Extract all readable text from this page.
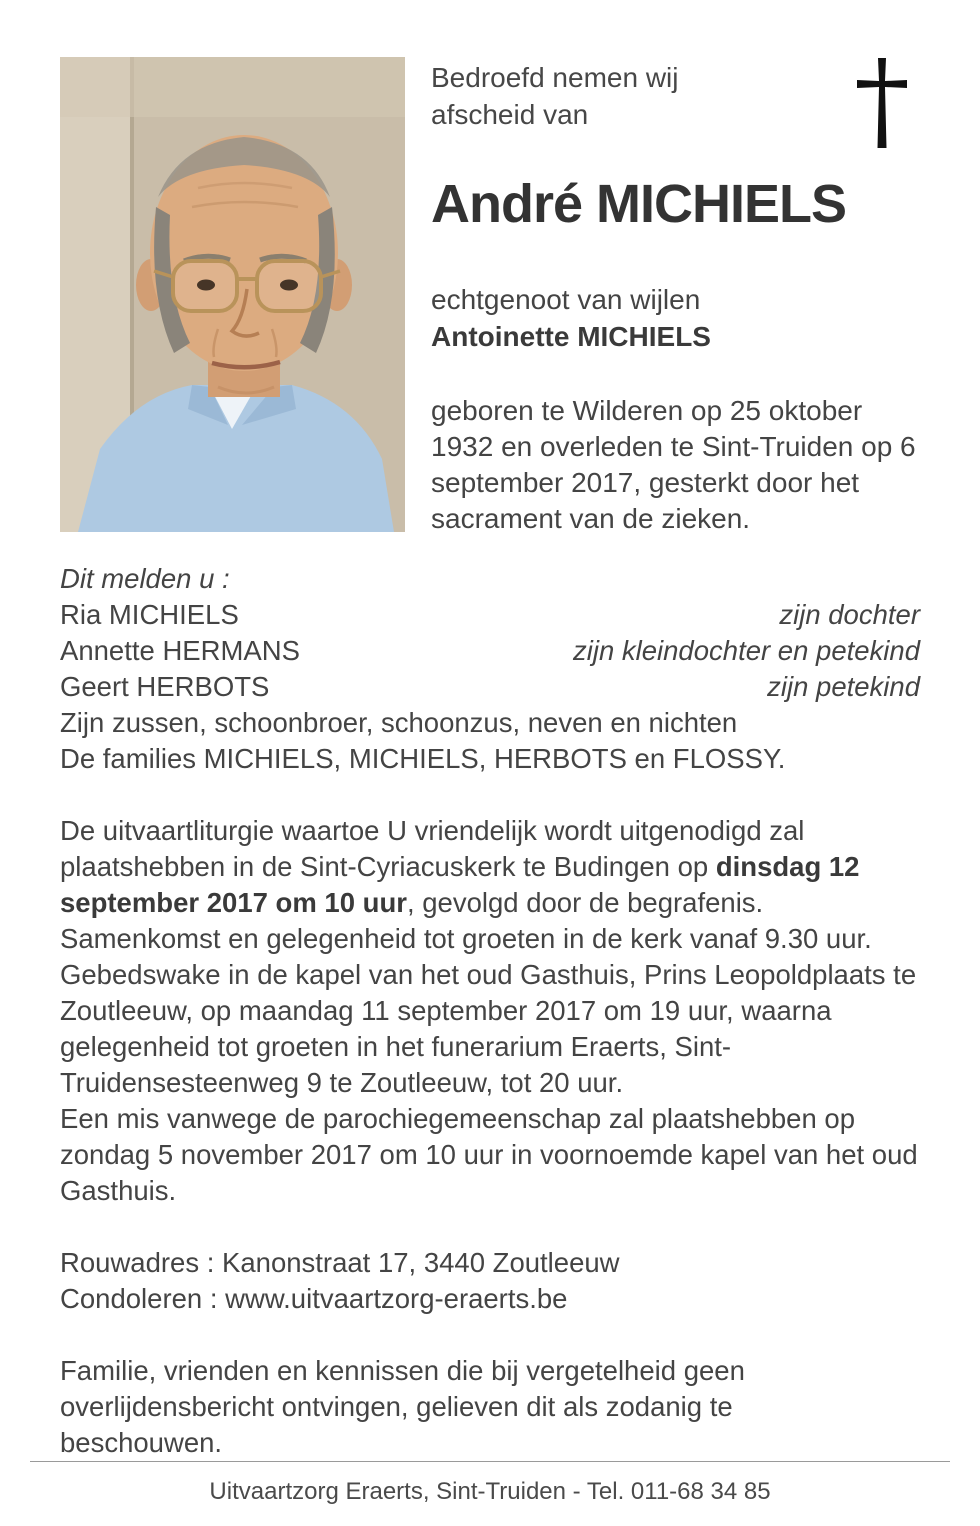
Bedroefd nemen wij
afscheid van
André MICHIELS
echtgenoot van wijlen
Antoinette MICHIELS
geboren te Wilderen op 25 oktober 1932 en overleden te Sint-Truiden op 6 september 2017, gesterkt door het sacrament van de zieken.
Dit melden u :
Ria MICHIELS	zijn dochter
Annette HERMANS	zijn kleindochter en petekind
Geert HERBOTS	zijn petekind
Zijn zussen, schoonbroer, schoonzus, neven en nichten
De families MICHIELS, MICHIELS, HERBOTS en FLOSSY.

De uitvaartliturgie waartoe U vriendelijk wordt uitgenodigd zal plaatshebben in de Sint-Cyriacuskerk te Budingen op dinsdag 12 september 2017 om 10 uur, gevolgd door de begrafenis. Samenkomst en gelegenheid tot groeten in de kerk vanaf 9.30 uur.

Gebedswake in de kapel van het oud Gasthuis, Prins Leopoldplaats te Zoutleeuw, op maandag 11 september 2017 om 19 uur, waarna gelegenheid tot groeten in het funerarium Eraerts, Sint-Truidensesteenweg 9 te Zoutleeuw, tot 20 uur.

Een mis vanwege de parochiegemeenschap zal plaatshebben op zondag 5 november 2017 om 10 uur in voornoemde kapel van het oud Gasthuis.

Rouwadres : Kanonstraat 17, 3440 Zoutleeuw
Condoleren : www.uitvaartzorg-eraerts.be
Familie, vrienden en kennissen die bij vergetelheid geen overlijdensbericht ontvingen, gelieven dit als zodanig te beschouwen.
Uitvaartzorg Eraerts, Sint-Truiden - Tel. 011-68 34 85
